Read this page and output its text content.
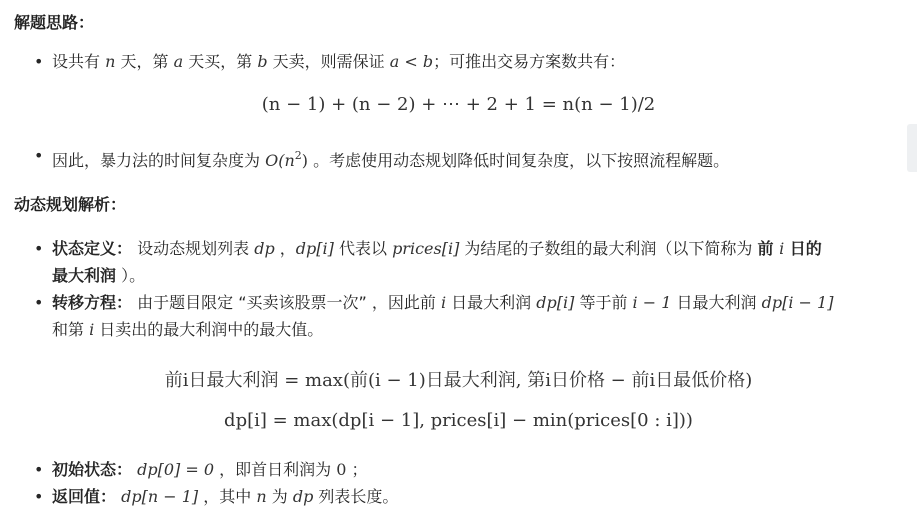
解题思路：
• 设共有 n 天，第 a 天买，第 b 天卖，则需保证 a < b；可推出交易方案数共有：
(n − 1) + (n − 2) + ⋯ + 2 + 1 = n(n − 1)/2
• 因此，暴力法的时间复杂度为 $O(n^2)$ 。考虑使用动态规划降低时间复杂度，以下按照流程解题。
动态规划解析：
• 状态定义： 设动态规划列表 dp ，dp[i] 代表以 prices[i] 为结尾的子数组的最大利润（以下简称为 前 i 日的
最大利润 ）。
• 转移方程： 由于题目限定 “买卖该股票一次” ，因此前 i 日最大利润 dp[i] 等于前 i − 1 日最大利润 dp[i − 1]
和第 i 日卖出的最大利润中的最大值。
前i日最大利润 = max(前(i − 1)日最大利润, 第i日价格 − 前i日最低价格)
dp[i] = max(dp[i − 1], prices[i] − min(prices[0 : i]))
• 初始状态： dp[0] = 0 ，即首日利润为 0 ；
• 返回值： dp[n − 1] ，其中 n 为 dp 列表长度。
